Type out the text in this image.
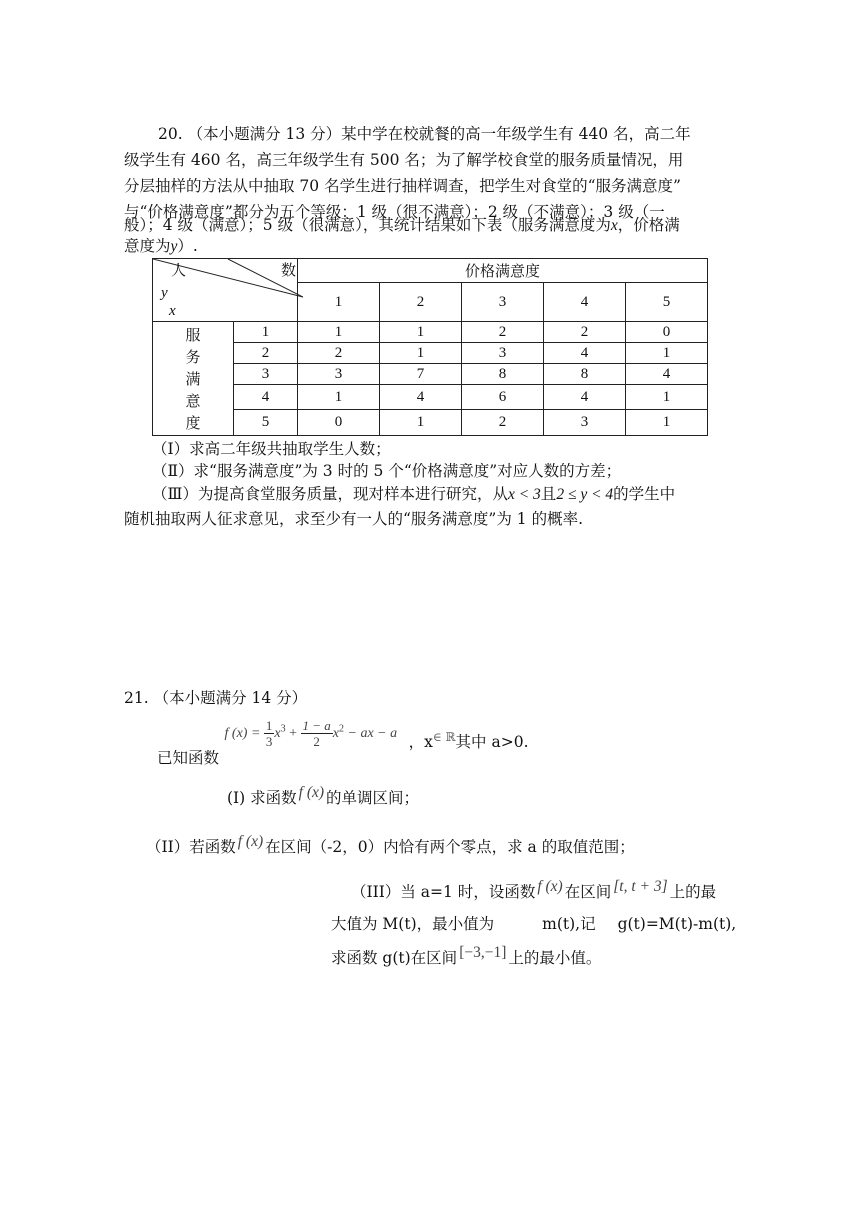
20. （本小题满分 13 分）某中学在校就餐的高一年级学生有 440 名，高二年
级学生有 460 名，高三年级学生有 500 名；为了解学校食堂的服务质量情况，用
分层抽样的方法从中抽取 70 名学生进行抽样调查，把学生对食堂的“服务满意度”
与“价格满意度”都分为五个等级：1 级（很不满意）；2 级（不满意）；3 级（一
般）；4 级（满意）；5 级（很满意），其统计结果如下表（服务满意度为x，价格满
意度为y）.
人 数
y
x		价格满意度				
		1	2	3	4	5

服
务
满
意
度	1	1	1	2	2	0
	2	2	1	3	4	1
	3	3	7	8	8	4
	4	1	4	6	4	1
	5	0	1	2	3	1
（Ⅰ）求高二年级共抽取学生人数；
（Ⅱ）求“服务满意度”为 3 时的 5 个“价格满意度”对应人数的方差；
（Ⅲ）为提高食堂服务质量，现对样本进行研究，从x < 3且2 ≤ y < 4的学生中
随机抽取两人征求意见，求至少有一人的“服务满意度”为 1 的概率.
21. （本小题满分 14 分）
已知函数 f $(x) = \frac{1}{3} x^3 + \frac{1 - a}{2} x^2$ − ax − a ，$x_{\in ℝ}$其中 a>0.
(I) 求函数 f (x) 的单调区间；
（II）若函数 f (x) 在区间（-2，0）内恰有两个零点，求 a 的取值范围；
（III）当 a=1 时，设函数 f (x) 在区间 [t, t + 3] 上的最
大值为 M(t)，最小值为	m(t),记 g(t)=M(t)-m(t),
求函数 g(t)在区间 [−3,−1] 上的最小值。
